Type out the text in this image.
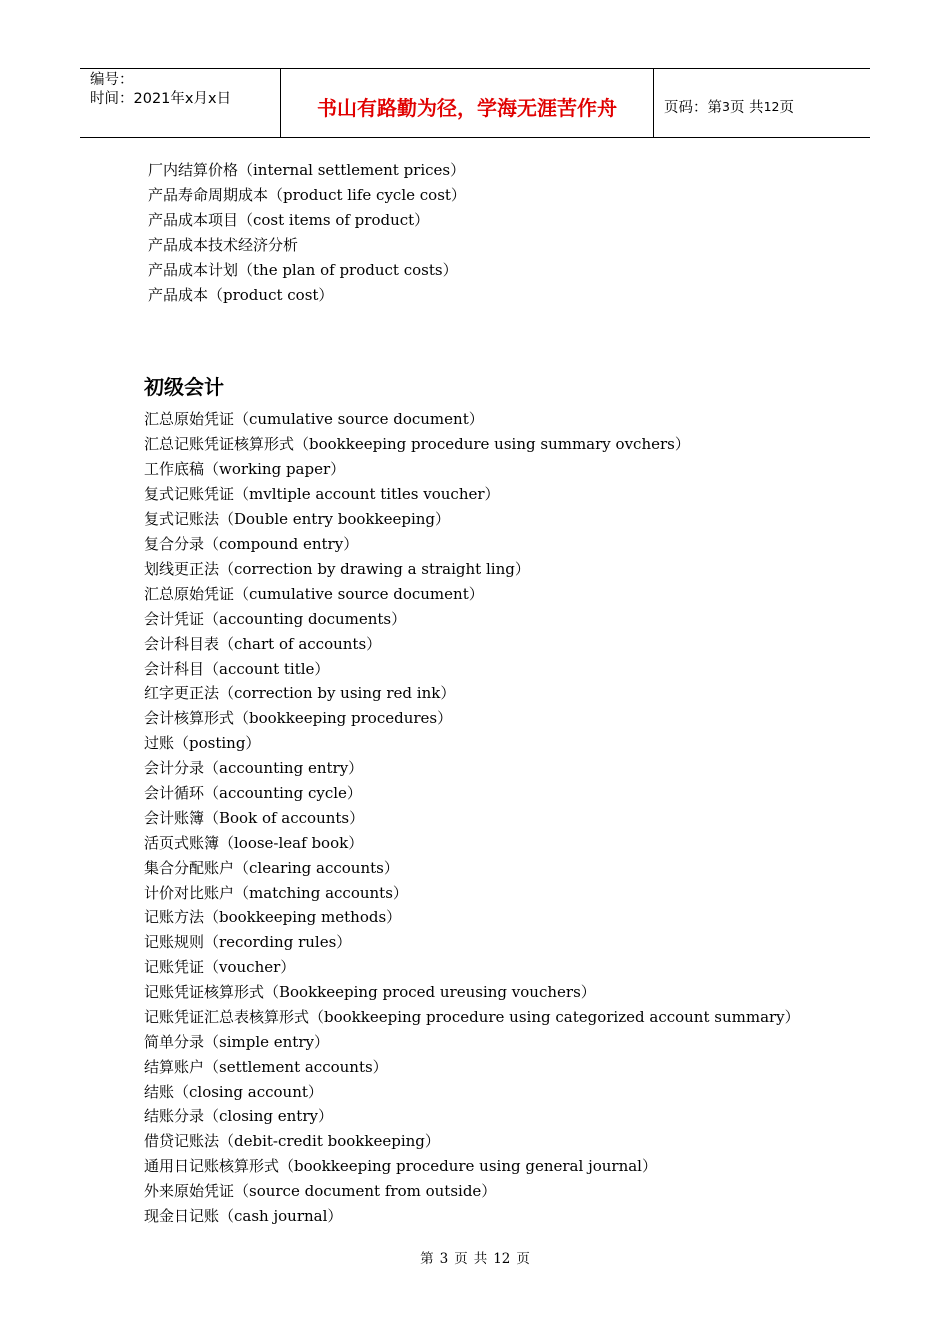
编号：
时间：2021年x月x日	书山有路勤为径，学海无涯苦作舟	页码：第 3 页 共 12 页
厂内结算价格（internal settlement prices）
产品寿命周期成本（product life cycle cost）
产品成本项目（cost items of product）
产品成本技术经济分析
产品成本计划（the plan of product costs）
产品成本（product cost）
初级会计
汇总原始凭证（cumulative source document）
汇总记账凭证核算形式（bookkeeping procedure using summary ovchers）
工作底稿（working paper）
复式记账凭证（mvltiple account titles voucher）
复式记账法（Double entry bookkeeping）
复合分录（compound entry）
划线更正法（correction by drawing a straight ling）
汇总原始凭证（cumulative source document）
会计凭证（accounting documents）
会计科目表（chart of accounts）
会计科目（account title）
红字更正法（correction by using red ink）
会计核算形式（bookkeeping procedures）
过账（posting）
会计分录（accounting entry）
会计循环（accounting cycle）
会计账簿（Book of accounts）
活页式账簿（loose-leaf book）
集合分配账户（clearing accounts）
计价对比账户（matching accounts）
记账方法（bookkeeping methods）
记账规则（recording rules）
记账凭证（voucher）
记账凭证核算形式（Bookkeeping proced ureusing vouchers）
记账凭证汇总表核算形式（bookkeeping procedure using categorized account summary）
简单分录（simple entry）
结算账户（settlement accounts）
结账（closing account）
结账分录（closing entry）
借贷记账法（debit-credit bookkeeping）
通用日记账核算形式（bookkeeping procedure using general journal）
外来原始凭证（source document from outside）
现金日记账（cash journal）
第 3 页 共 12 页
